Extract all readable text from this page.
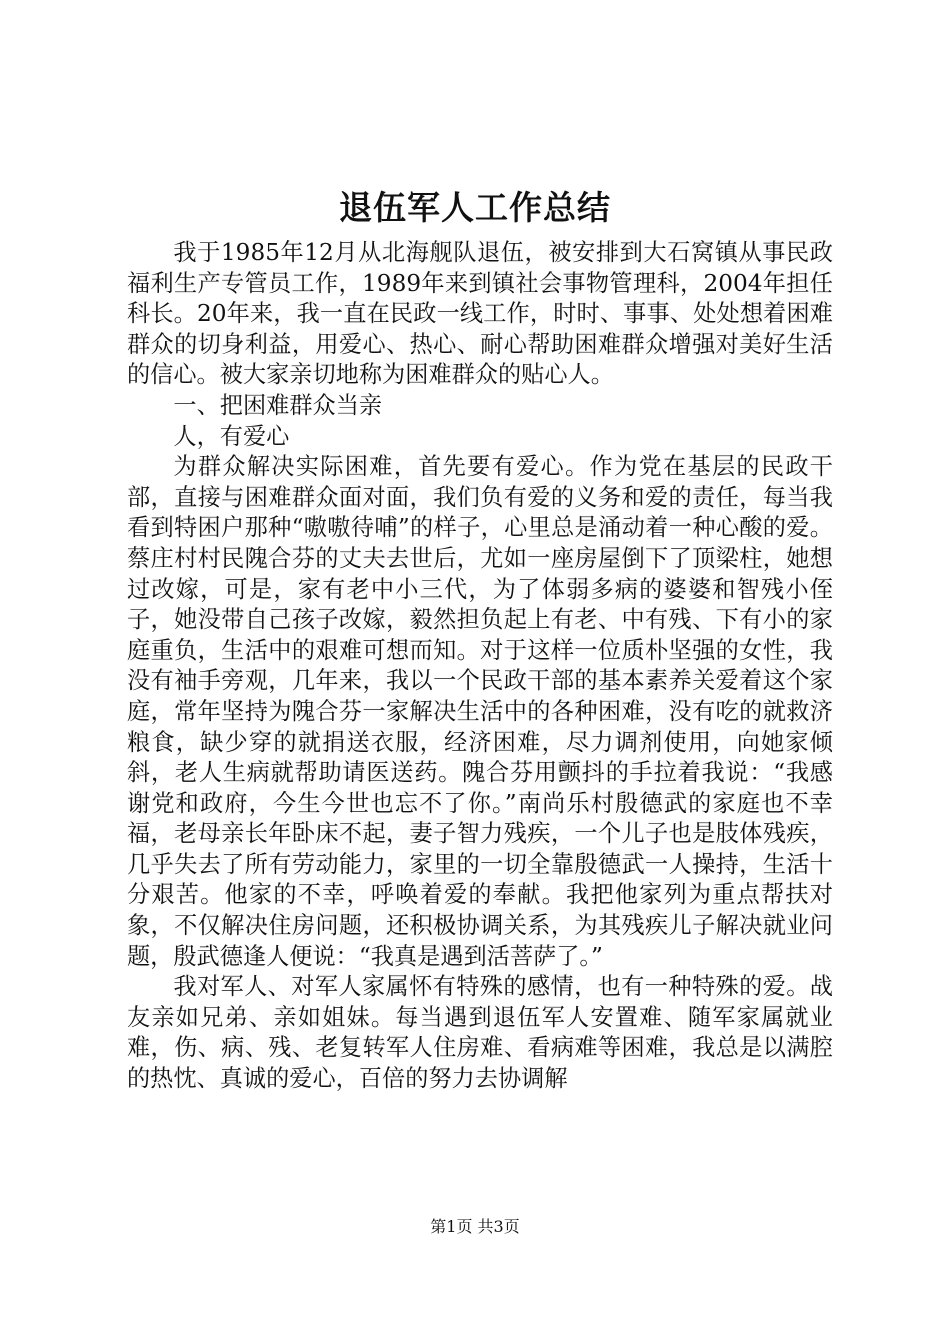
退伍军人工作总结

我于1985年12月从北海舰队退伍，被安排到大石窝镇从事民政福利生产专管员工作，1989年来到镇社会事物管理科，2004年担任科长。20年来，我一直在民政一线工作，时时、事事、处处想着困难群众的切身利益，用爱心、热心、耐心帮助困难群众增强对美好生活的信心。被大家亲切地称为困难群众的贴心人。

一、把困难群众当亲

人，有爱心

为群众解决实际困难，首先要有爱心。作为党在基层的民政干部，直接与困难群众面对面，我们负有爱的义务和爱的责任，每当我看到特困户那种“嗷嗷待哺”的样子，心里总是涌动着一种心酸的爱。蔡庄村村民隗合芬的丈夫去世后，尤如一座房屋倒下了顶梁柱，她想过改嫁，可是，家有老中小三代，为了体弱多病的婆婆和智残小侄子，她没带自己孩子改嫁，毅然担负起上有老、中有残、下有小的家庭重负，生活中的艰难可想而知。对于这样一位质朴坚强的女性，我没有袖手旁观，几年来，我以一个民政干部的基本素养关爱着这个家庭，常年坚持为隗合芬一家解决生活中的各种困难，没有吃的就救济粮食，缺少穿的就捐送衣服，经济困难，尽力调剂使用，向她家倾斜，老人生病就帮助请医送药。隗合芬用颤抖的手拉着我说：“我感谢党和政府，今生今世也忘不了你。”南尚乐村殷德武的家庭也不幸福，老母亲长年卧床不起，妻子智力残疾，一个儿子也是肢体残疾，几乎失去了所有劳动能力，家里的一切全靠殷德武一人操持，生活十分艰苦。他家的不幸，呼唤着爱的奉献。我把他家列为重点帮扶对象，不仅解决住房问题，还积极协调关系，为其残疾儿子解决就业问题，殷武德逢人便说：“我真是遇到活菩萨了。”

我对军人、对军人家属怀有特殊的感情，也有一种特殊的爱。战友亲如兄弟、亲如姐妹。每当遇到退伍军人安置难、随军家属就业难，伤、病、残、老复转军人住房难、看病难等困难，我总是以满腔的热忱、真诚的爱心，百倍的努力去协调解

第1页 共3页
